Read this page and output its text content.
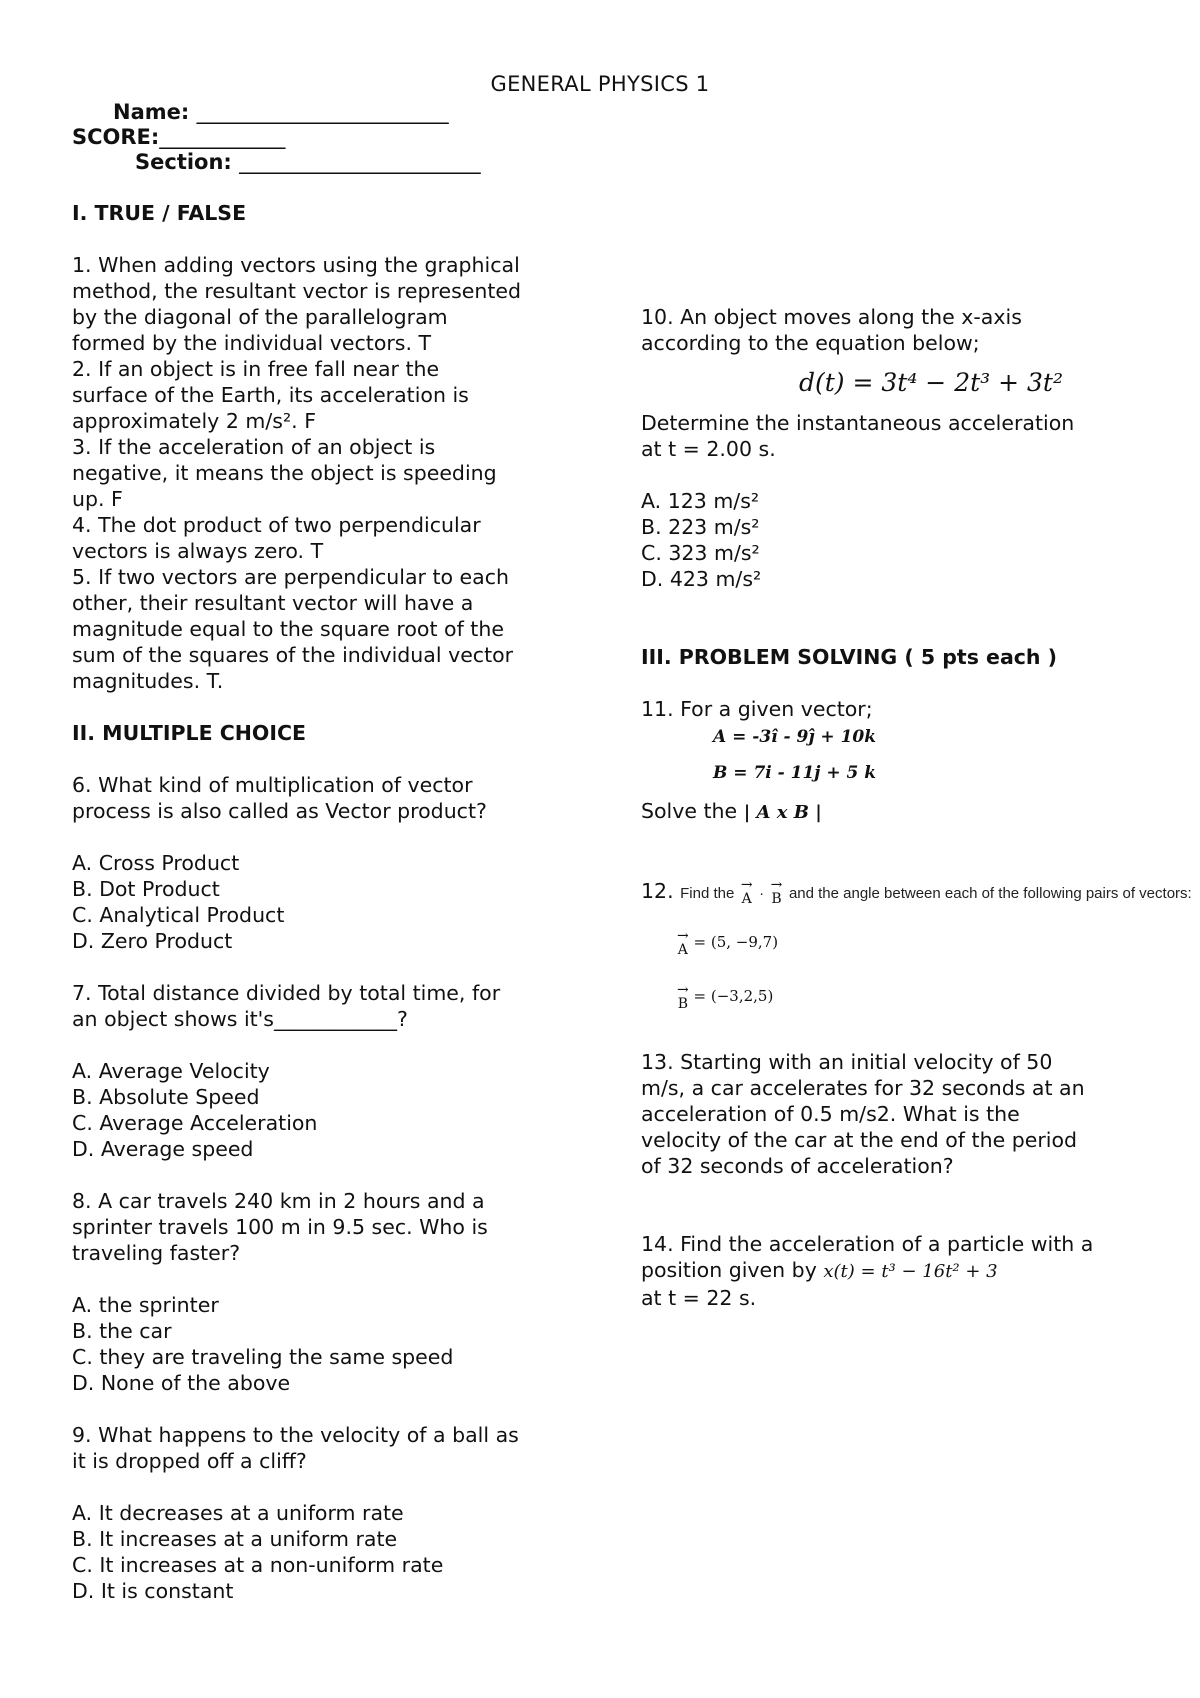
GENERAL PHYSICS 1
Name: ________________________
SCORE:____________
Section: _______________________

I. TRUE / FALSE

1. When adding vectors using the graphical

method, the resultant vector is represented

by the diagonal of the parallelogram

formed by the individual vectors. T

2. If an object is in free fall near the

surface of the Earth, its acceleration is

approximately 2 m/s². F

3. If the acceleration of an object is

negative, it means the object is speeding

up. F

4. The dot product of two perpendicular

vectors is always zero. T

5. If two vectors are perpendicular to each

other, their resultant vector will have a

magnitude equal to the square root of the

sum of the squares of the individual vector

magnitudes. T.

II. MULTIPLE CHOICE

6. What kind of multiplication of vector

process is also called as Vector product?

A. Cross Product

B. Dot Product

C. Analytical Product

D. Zero Product

7. Total distance divided by total time, for

an object shows it's____________?

A. Average Velocity

B. Absolute Speed

C. Average Acceleration

D. Average speed

8. A car travels 240 km in 2 hours and a

sprinter travels 100 m in 9.5 sec. Who is

traveling faster?

A. the sprinter

B. the car

C. they are traveling the same speed

D. None of the above

9. What happens to the velocity of a ball as

it is dropped off a cliff?

A. It decreases at a uniform rate

B. It increases at a uniform rate

C. It increases at a non-uniform rate

D. It is constant

10. An object moves along the x-axis

according to the equation below;

d(t) = 3t⁴ − 2t³ + 3t²

Determine the instantaneous acceleration

at t = 2.00 s.

A. 123 m/s²

B. 223 m/s²

C. 323 m/s²

D. 423 m/s²

III. PROBLEM SOLVING ( 5 pts each )

11. For a given vector;

A = -3î - 9ĵ + 10k
B = 7i - 11j + 5 k

Solve the | A x B |

12. Find the →
A · →
B and the angle between each of the following pairs of vectors:
→
A = (5, −9,7)
→
B = (−3,2,5)

13. Starting with an initial velocity of 50

m/s, a car accelerates for 32 seconds at an

acceleration of 0.5 m/s2. What is the

velocity of the car at the end of the period

of 32 seconds of acceleration?

14. Find the acceleration of a particle with a

position given by x(t) = t³ − 16t² + 3

at t = 22 s.
